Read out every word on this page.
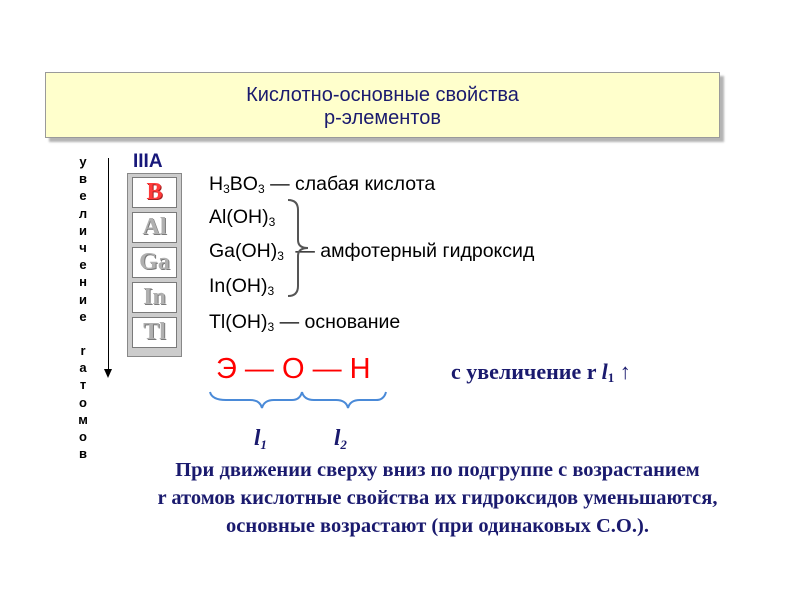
Кислотно-основные свойства
р-элементов
у
в
е
л
и
ч
е
н
и
е
r
а
т
о
м
о
в
IIIA
B
Al
Ga
In
Tl
$H_3BO_3$ — слабая кислота
$Al(OH)_3$
$Ga(OH)_3$ — амфотерный гидроксид
$In(OH)_3$
$Tl(OH)_3$ — основание
Э — О — Н	с увеличение r $l_1$ ↑
$l_1$	$l_2$
При движении сверху вниз по подгруппе с возрастанием
r атомов кислотные свойства их гидроксидов уменьшаются,
основные возрастают (при одинаковых С.О.).
